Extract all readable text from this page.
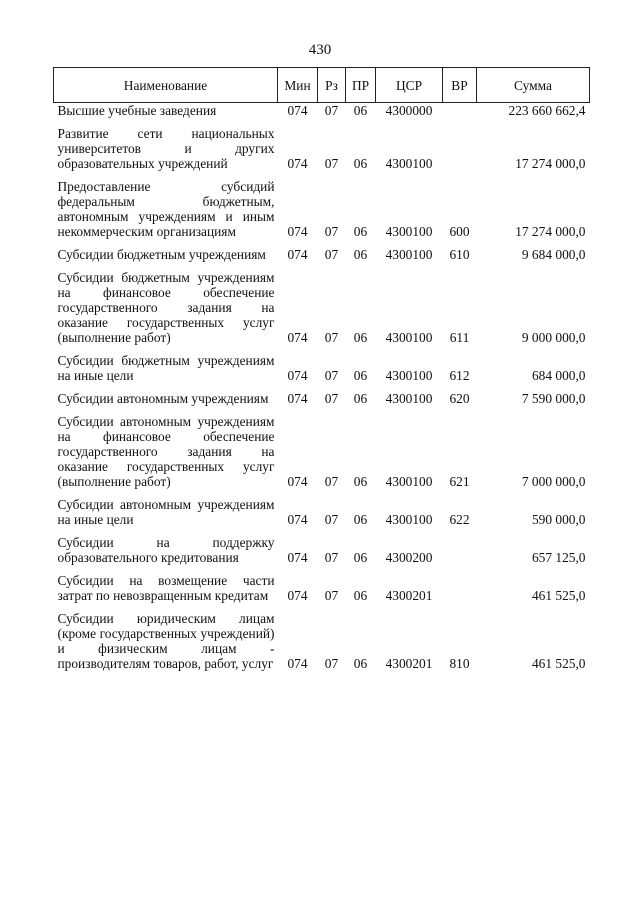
430
Наименование	Мин	Рз	ПР	ЦСР	ВР	Сумма
Высшие учебные заведения	074	07	06	4300000		223 660 662,4

Развитие сети национальных университетов и других образовательных учреждений	074	07	06	4300100		17 274 000,0

Предоставление субсидий федеральным бюджетным, автономным учреждениям и иным некоммерческим организациям	074	07	06	4300100	600	17 274 000,0

Субсидии бюджетным учреждениям	074	07	06	4300100	610	9 684 000,0

Субсидии бюджетным учреждениям на финансовое обеспечение государственного задания на оказание государственных услуг (выполнение работ)	074	07	06	4300100	611	9 000 000,0

Субсидии бюджетным учреждениям на иные цели	074	07	06	4300100	612	684 000,0

Субсидии автономным учреждениям	074	07	06	4300100	620	7 590 000,0

Субсидии автономным учреждениям на финансовое обеспечение государственного задания на оказание государственных услуг (выполнение работ)	074	07	06	4300100	621	7 000 000,0

Субсидии автономным учреждениям на иные цели	074	07	06	4300100	622	590 000,0

Субсидии на поддержку образовательного кредитования	074	07	06	4300200		657 125,0

Субсидии на возмещение части затрат по невозвращенным кредитам	074	07	06	4300201		461 525,0

Субсидии юридическим лицам (кроме государственных учреждений) и физическим лицам - производителям товаров, работ, услуг	074	07	06	4300201	810	461 525,0
